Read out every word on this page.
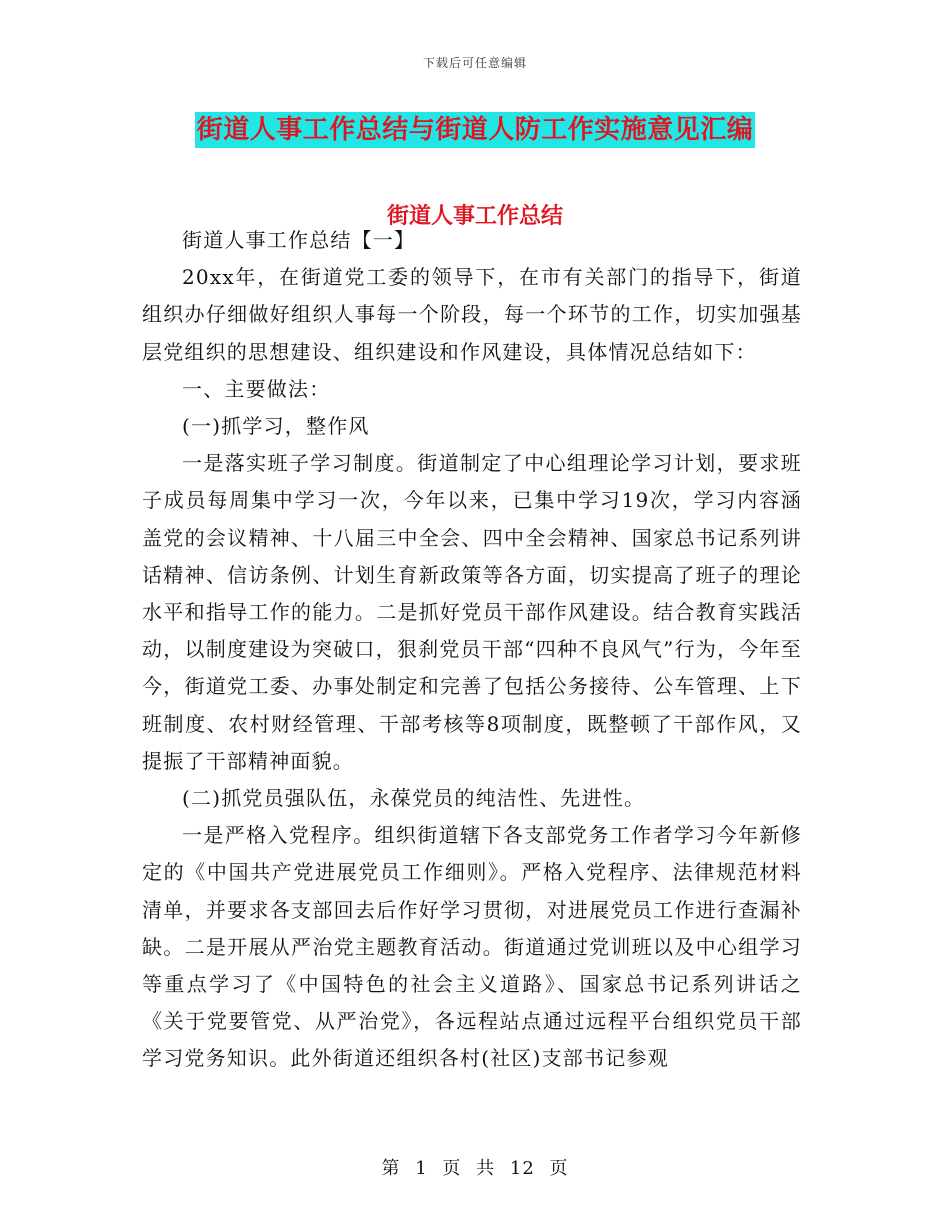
下载后可任意编辑
街道人事工作总结与街道人防工作实施意见汇编
街道人事工作总结

街道人事工作总结【一】

20xx年，在街道党工委的领导下，在市有关部门的指导下，街道组织办仔细做好组织人事每一个阶段，每一个环节的工作，切实加强基层党组织的思想建设、组织建设和作风建设，具体情况总结如下：

一、主要做法：

(一)抓学习，整作风

一是落实班子学习制度。街道制定了中心组理论学习计划，要求班子成员每周集中学习一次，今年以来，已集中学习19次，学习内容涵盖党的会议精神、十八届三中全会、四中全会精神、国家总书记系列讲话精神、信访条例、计划生育新政策等各方面，切实提高了班子的理论水平和指导工作的能力。二是抓好党员干部作风建设。结合教育实践活动，以制度建设为突破口，狠刹党员干部“四种不良风气”行为，今年至今，街道党工委、办事处制定和完善了包括公务接待、公车管理、上下班制度、农村财经管理、干部考核等8项制度，既整顿了干部作风，又提振了干部精神面貌。

(二)抓党员强队伍，永葆党员的纯洁性、先进性。

一是严格入党程序。组织街道辖下各支部党务工作者学习今年新修定的《中国共产党进展党员工作细则》。严格入党程序、法律规范材料清单，并要求各支部回去后作好学习贯彻，对进展党员工作进行查漏补缺。二是开展从严治党主题教育活动。街道通过党训班以及中心组学习等重点学习了《中国特色的社会主义道路》、国家总书记系列讲话之《关于党要管党、从严治党》，各远程站点通过远程平台组织党员干部学习党务知识。此外街道还组织各村(社区)支部书记参观

第 1 页 共 12 页
